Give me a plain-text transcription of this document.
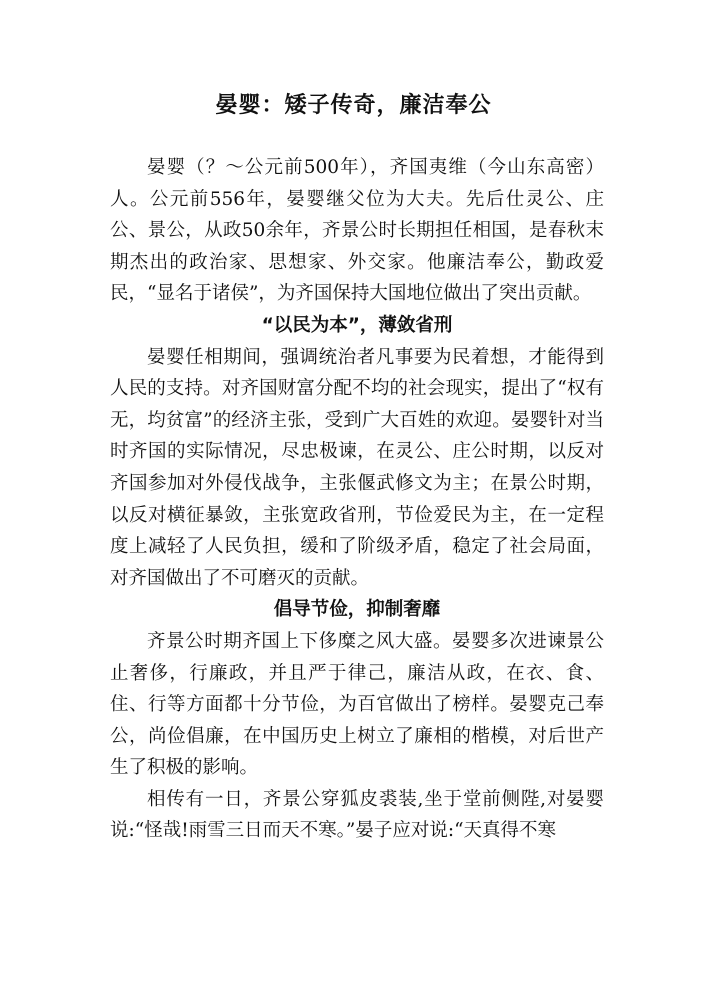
晏婴：矮子传奇，廉洁奉公

晏婴（？～公元前500年），齐国夷维（今山东高密）人。公元前556年，晏婴继父位为大夫。先后仕灵公、庄公、景公，从政50余年，齐景公时长期担任相国，是春秋末期杰出的政治家、思想家、外交家。他廉洁奉公，勤政爱民，“显名于诸侯”，为齐国保持大国地位做出了突出贡献。

“以民为本”，薄敛省刑

晏婴任相期间，强调统治者凡事要为民着想，才能得到人民的支持。对齐国财富分配不均的社会现实，提出了“权有无，均贫富”的经济主张，受到广大百姓的欢迎。晏婴针对当时齐国的实际情况，尽忠极谏，在灵公、庄公时期，以反对齐国参加对外侵伐战争，主张偃武修文为主；在景公时期，以反对横征暴敛，主张宽政省刑，节俭爱民为主，在一定程度上减轻了人民负担，缓和了阶级矛盾，稳定了社会局面，对齐国做出了不可磨灭的贡献。

倡导节俭，抑制奢靡

齐景公时期齐国上下侈糜之风大盛。晏婴多次进谏景公止奢侈，行廉政，并且严于律己，廉洁从政，在衣、食、住、行等方面都十分节俭，为百官做出了榜样。晏婴克己奉公，尚俭倡廉，在中国历史上树立了廉相的楷模，对后世产生了积极的影响。

相传有一日，齐景公穿狐皮裘装,坐于堂前侧陛,对晏婴说:“怪哉!雨雪三日而天不寒。”晏子应对说:“天真得不寒
